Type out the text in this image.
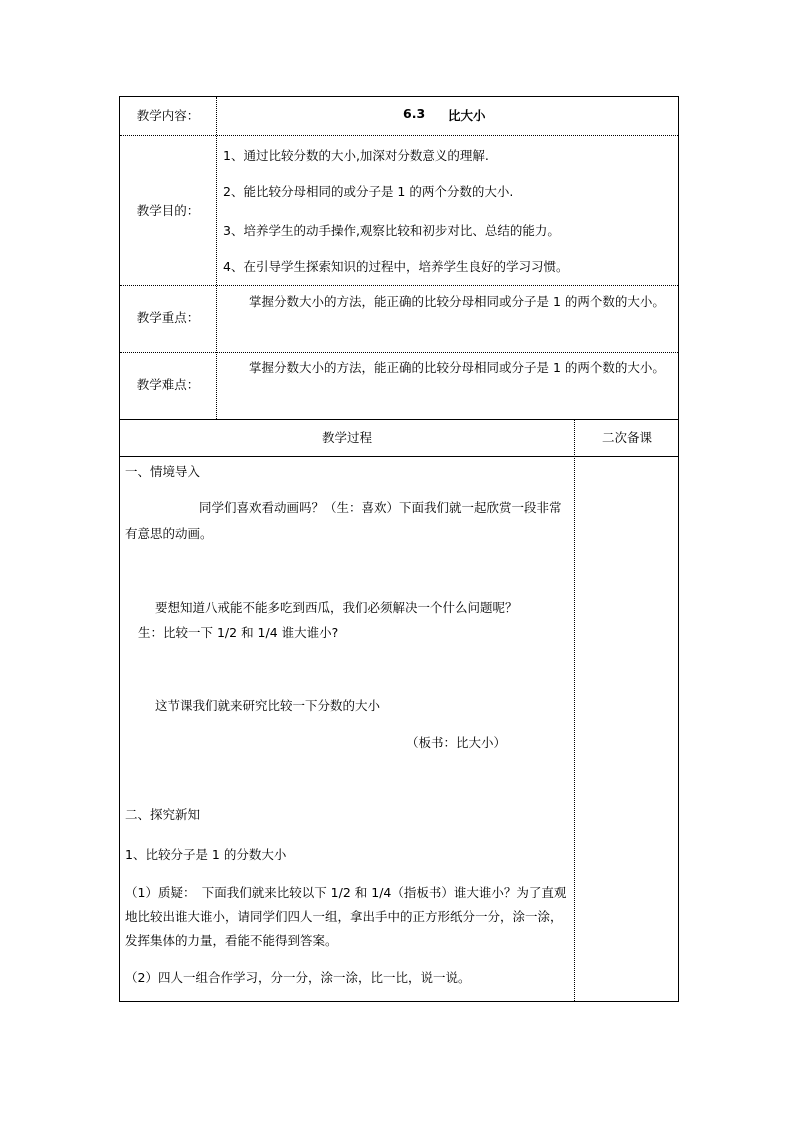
教学内容：	6.3 比大小
教学目的：
1、通过比较分数的大小,加深对分数意义的理解.
2、能比较分母相同的或分子是 1 的两个分数的大小.
3、培养学生的动手操作,观察比较和初步对比、总结的能力。
4、在引导学生探索知识的过程中，培养学生良好的学习习惯。
教学重点：
掌握分数大小的方法，能正确的比较分母相同或分子是 1 的两个数的大小。
教学难点：
掌握分数大小的方法，能正确的比较分母相同或分子是 1 的两个数的大小。
教学过程	二次备课
一、情境导入
同学们喜欢看动画吗？（生：喜欢）下面我们就一起欣赏一段非常有意思的动画。
要想知道八戒能不能多吃到西瓜，我们必须解决一个什么问题呢？
生：比较一下 1/2 和 1/4 谁大谁小?
这节课我们就来研究比较一下分数的大小
（板书：比大小）
二、探究新知
1、比较分子是 1 的分数大小
（1）质疑：　下面我们就来比较以下 1/2 和 1/4（指板书）谁大谁小？为了直观地比较出谁大谁小，请同学们四人一组，拿出手中的正方形纸分一分，涂一涂，发挥集体的力量，看能不能得到答案。
（2）四人一组合作学习，分一分，涂一涂，比一比，说一说。
